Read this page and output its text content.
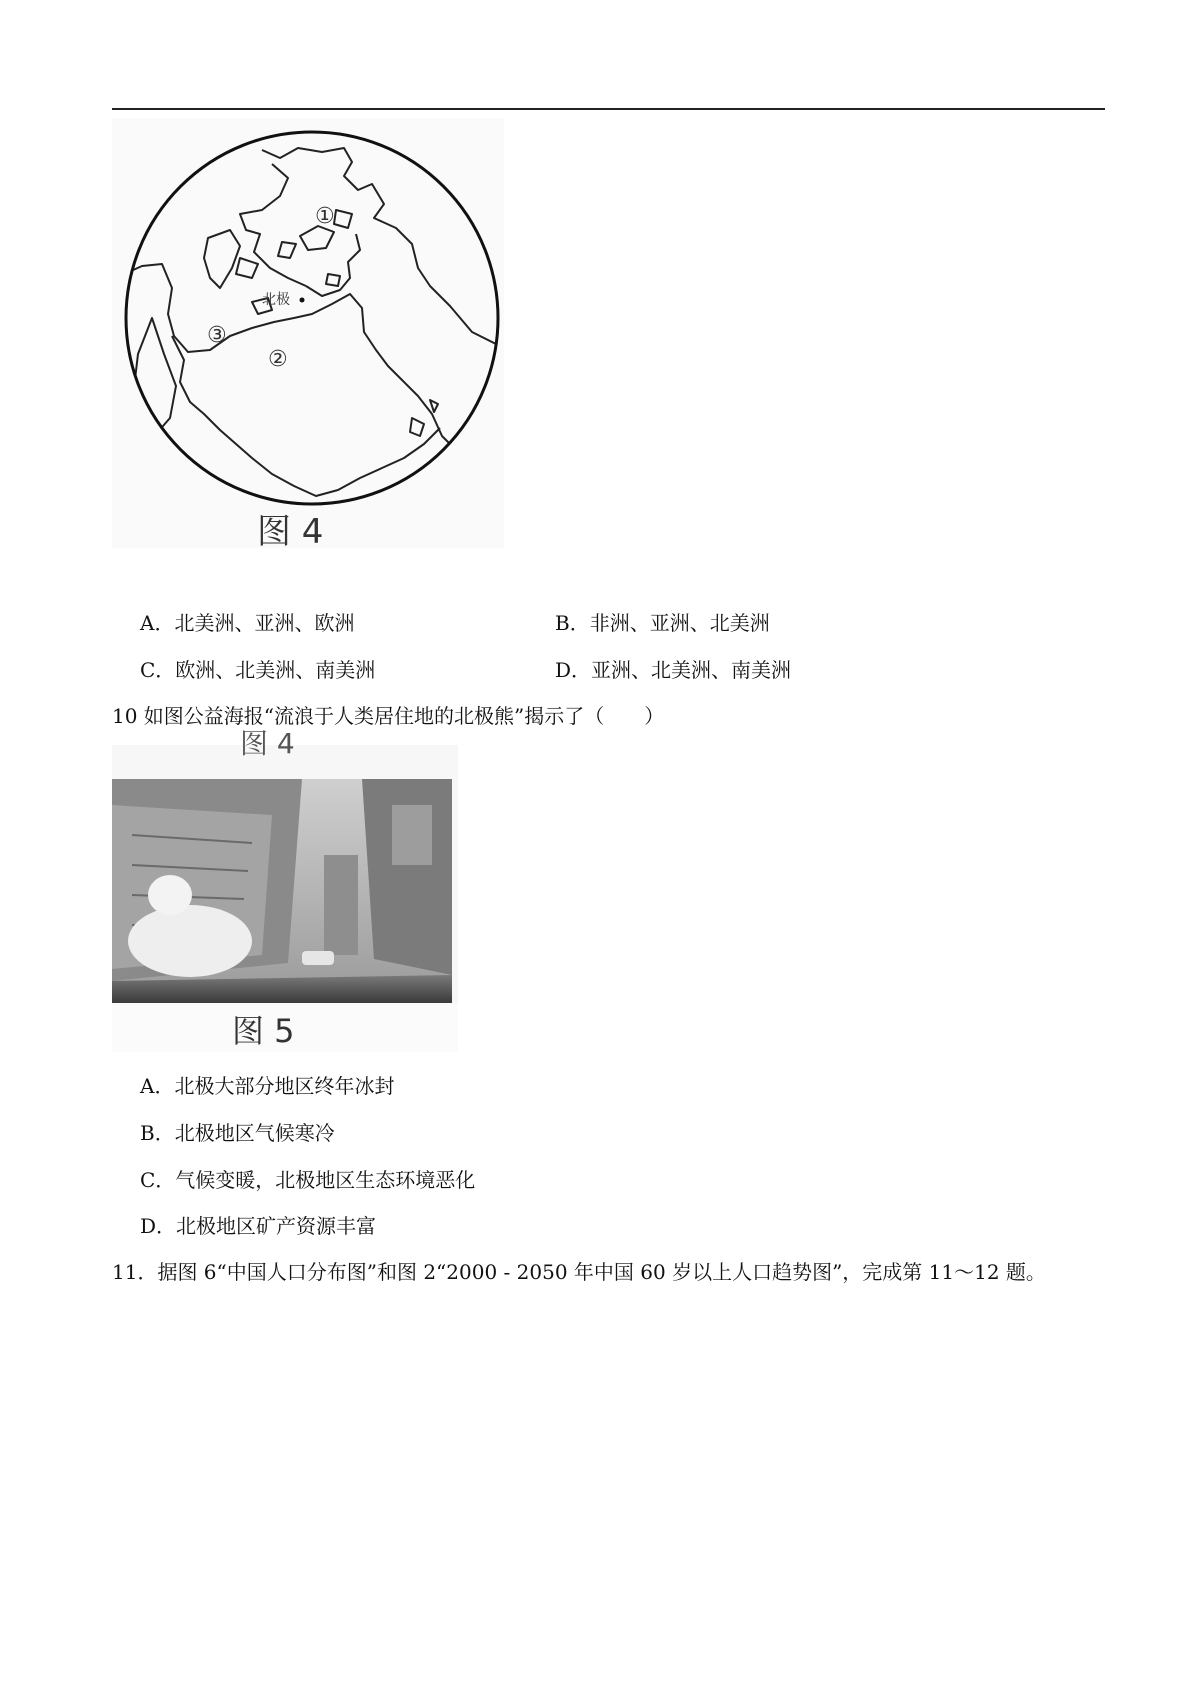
北极
①
②
③
图 4
A．北美洲、亚洲、欧洲	B．非洲、亚洲、北美洲
C．欧洲、北美洲、南美洲	D．亚洲、北美洲、南美洲
10 如图公益海报“流浪于人类居住地的北极熊”揭示了（　　）
图 4
图 5
A．北极大部分地区终年冰封
B．北极地区气候寒冷
C．气候变暖，北极地区生态环境恶化
D．北极地区矿产资源丰富
11．据图 6“中国人口分布图”和图 2“2000 - 2050 年中国 60 岁以上人口趋势图”，完成第 11～12 题。
